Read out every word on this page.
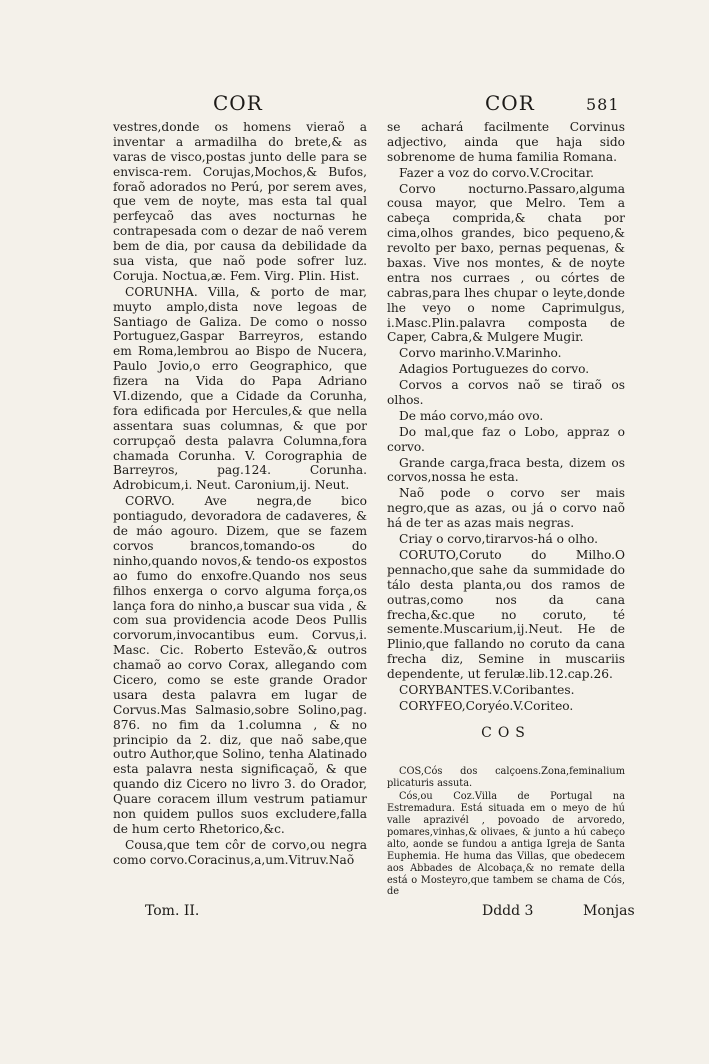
COR	COR	581

vestres,donde os homens vieraõ a inventar a armadilha do brete,& as varas de visco,postas junto delle para se envisca-rem. Corujas,Mochos,& Bufos, foraõ adorados no Perú, por serem aves, que vem de noyte, mas esta tal qual perfeycaõ das aves nocturnas he contrapesada com o dezar de naõ verem bem de dia, por causa da debilidade da sua vista, que naõ pode sofrer luz. Coruja. Noctua,æ. Fem. Virg. Plin. Hist.

CORUNHA. Villa, & porto de mar, muyto amplo,dista nove legoas de Santiago de Galiza. De como o nosso Portuguez,Gaspar Barreyros, estando em Roma,lembrou ao Bispo de Nucera, Paulo Jovio,o erro Geographico, que fizera na Vida do Papa Adriano VI.dizendo, que a Cidade da Corunha, fora edificada por Hercules,& que nella assentara suas columnas, & que por corrupçaõ desta palavra Columna,fora chamada Corunha. V. Corographia de Barreyros, pag.124. Corunha. Adrobicum,i. Neut. Caronium,ij. Neut.

CORVO. Ave negra,de bico pontiagudo, devoradora de cadaveres, & de máo agouro. Dizem, que se fazem corvos brancos,tomando-os do ninho,quando novos,& tendo-os expostos ao fumo do enxofre.Quando nos seus filhos enxerga o corvo alguma força,os lança fora do ninho,a buscar sua vida , & com sua providencia acode Deos Pullis corvorum,invocantibus eum. Corvus,i. Masc. Cic. Roberto Estevão,& outros chamaõ ao corvo Corax, allegando com Cicero, como se este grande Orador usara desta palavra em lugar de Corvus.Mas Salmasio,sobre Solino,pag. 876. no fim da 1.columna , & no principio da 2. diz, que naõ sabe,que outro Author,que Solino, tenha Alatinado esta palavra nesta significaçaõ, & que quando diz Cicero no livro 3. do Orador, Quare coracem illum vestrum patiamur non quidem pullos suos excludere,falla de hum certo Rhetorico,&c.

Cousa,que tem côr de corvo,ou negra como corvo.Coracinus,a,um.Vitruv.Naõ

se achará facilmente Corvinus adjectivo, ainda que haja sido sobrenome de huma familia Romana.

Fazer a voz do corvo.V.Crocitar.

Corvo nocturno.Passaro,alguma cousa mayor, que Melro. Tem a cabeça comprida,& chata por cima,olhos grandes, bico pequeno,& revolto per baxo, pernas pequenas, & baxas. Vive nos montes, & de noyte entra nos curraes , ou córtes de cabras,para lhes chupar o leyte,donde lhe veyo o nome Caprimulgus, i.Masc.Plin.palavra composta de Caper, Cabra,& Mulgere Mugir.

Corvo marinho.V.Marinho.

Adagios Portuguezes do corvo.

Corvos a corvos naõ se tiraõ os olhos.

De máo corvo,máo ovo.

Do mal,que faz o Lobo, appraz o corvo.

Grande carga,fraca besta, dizem os corvos,nossa he esta.

Naõ pode o corvo ser mais negro,que as azas, ou já o corvo naõ há de ter as azas mais negras.

Criay o corvo,tirarvos-há o olho.

CORUTO,Coruto do Milho.O pennacho,que sahe da summidade do tálo desta planta,ou dos ramos de outras,como nos da cana frecha,&c.que no coruto, té semente.Muscarium,ij.Neut. He de Plinio,que fallando no coruto da cana frecha diz, Semine in muscariis dependente, ut ferulæ.lib.12.cap.26.

CORYBANTES.V.Coribantes.

CORYFEO,Coryéo.V.Coriteo.

COS

COS,Cós dos calçoens.Zona,feminalium plicaturis assuta.

Cós,ou Coz.Villa de Portugal na Estremadura. Está situada em o meyo de hú valle aprazivél , povoado de arvoredo, pomares,vinhas,& olivaes, & junto a hú cabeço alto, aonde se fundou a antiga Igreja de Santa Euphemia. He huma das Villas, que obedecem aos Abbades de Alcobaça,& no remate della está o Mosteyro,que tambem se chama de Cós, de

Tom. II.	Dddd 3	Monjas
